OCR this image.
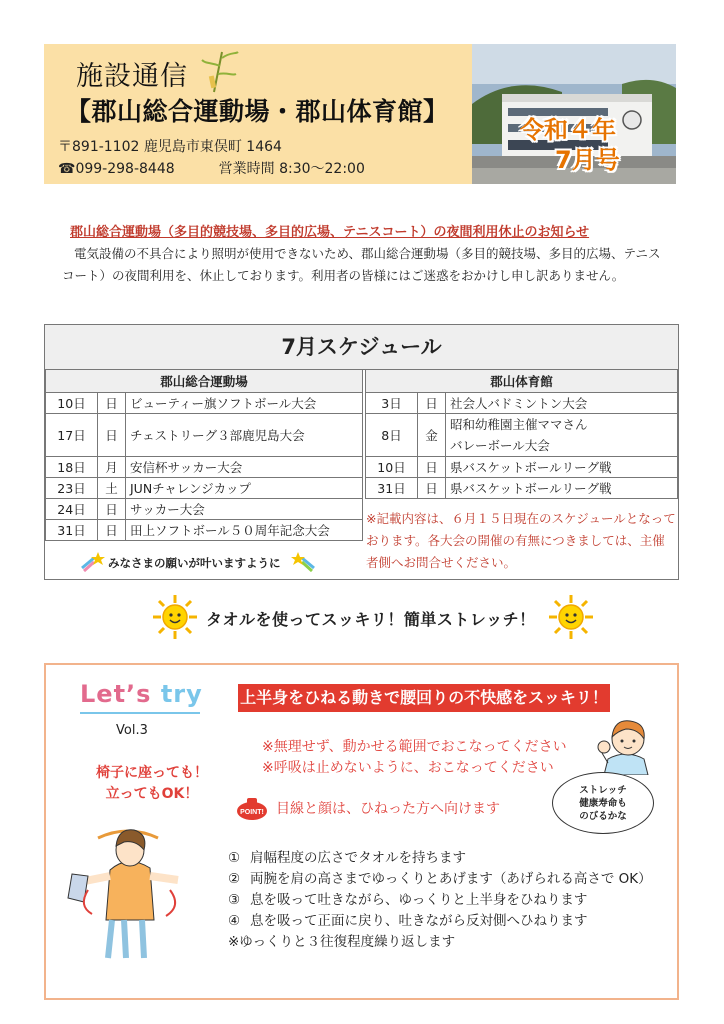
施設通信
【郡山総合運動場・郡山体育館】
〒891-1102 鹿児島市東俣町 1464
☎099-298-8448	営業時間 8:30～22:00
令和４年
7月号
郡山総合運動場（多目的競技場、多目的広場、テニスコート）の夜間利用休止のお知らせ
電気設備の不具合により照明が使用できないため、郡山総合運動場（多目的競技場、多目的広場、テニスコート）の夜間利用を、休止しております。利用者の皆様にはご迷惑をおかけし申し訳ありません。
7月スケジュール
郡山総合運動場		
10日	日	ビューティー旗ソフトボール大会
17日	日	チェストリーグ３部鹿児島大会
18日	月	安信杯サッカー大会
23日	土	JUNチャレンジカップ
24日	日	サッカー大会
31日	日	田上ソフトボール５０周年記念大会
郡山体育館		
3日	日	社会人バドミントン大会
8日	金	昭和幼稚園主催ママさん
バレーボール大会

10日	日	県バスケットボールリーグ戦
31日	日	県バスケットボールリーグ戦
※記載内容は、６月１５日現在のスケジュールとなっております。各大会の開催の有無につきましては、主催者側へお問合せください。
みなさまの願いが叶いますように
タオルを使ってスッキリ！簡単ストレッチ！
Let’s try
Vol.3
椅子に座っても！
立ってもOK！
上半身をひねる動きで腰回りの不快感をスッキリ！
※無理せず、動かせる範囲でおこなってください
※呼吸は止めないように、おこなってください
POINT! 目線と顔は、ひねった方へ向けます
ストレッチ
健康寿命も
のびるかな
① 肩幅程度の広さでタオルを持ちます
② 両腕を肩の高さまでゆっくりとあげます（あげられる高さで OK）
③ 息を吸って吐きながら、ゆっくりと上半身をひねります
④ 息を吸って正面に戻り、吐きながら反対側へひねります
※ゆっくりと３往復程度繰り返します
